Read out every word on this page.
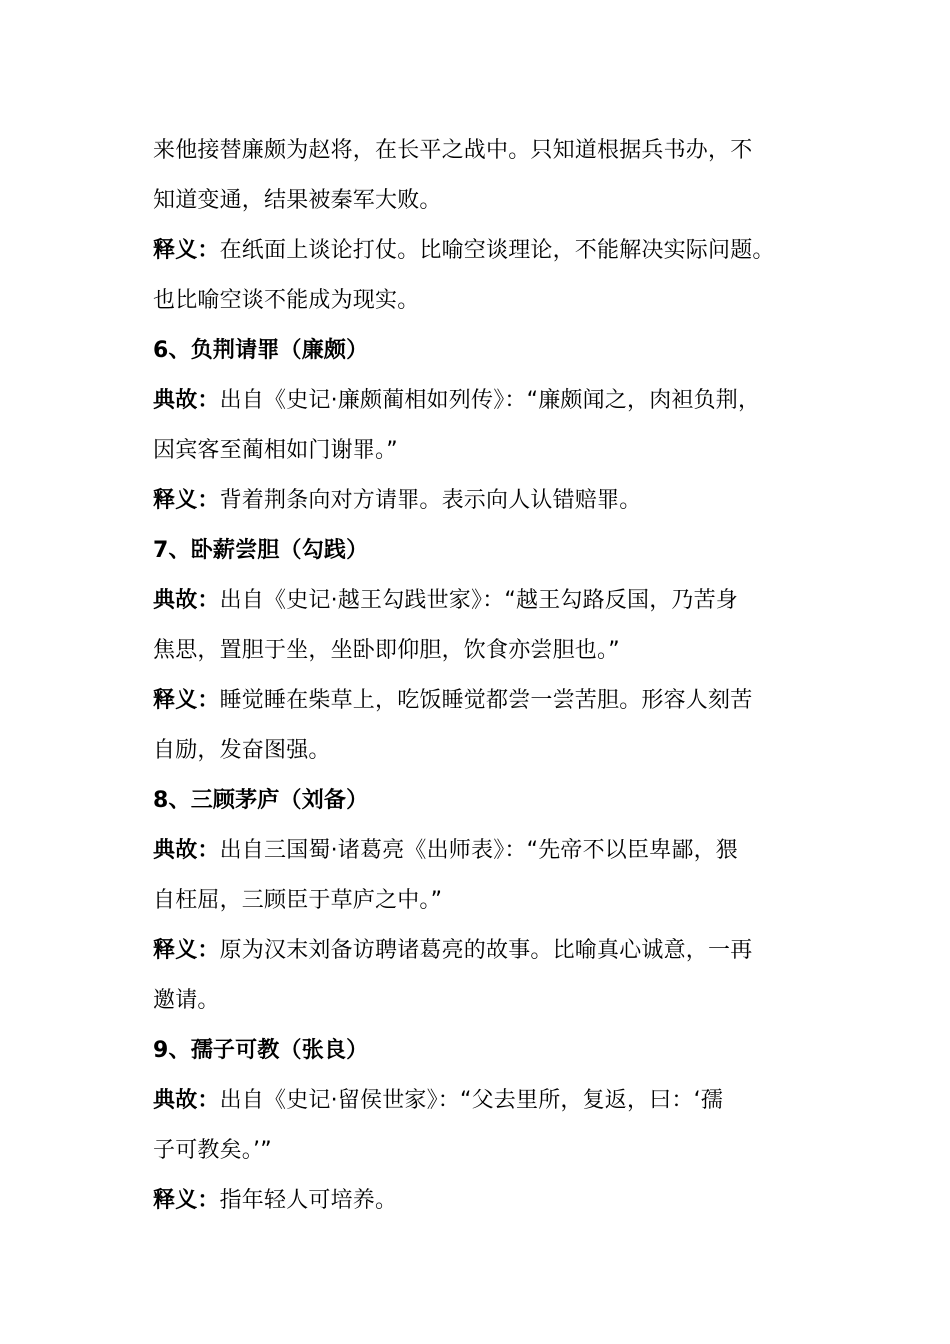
来他接替廉颇为赵将，在长平之战中。只知道根据兵书办，不
知道变通，结果被秦军大败。
释义：在纸面上谈论打仗。比喻空谈理论，不能解决实际问题。
也比喻空谈不能成为现实。
6、负荆请罪（廉颇）
典故：出自《史记·廉颇蔺相如列传》：“廉颇闻之，肉袒负荆，
因宾客至蔺相如门谢罪。”
释义：背着荆条向对方请罪。表示向人认错赔罪。
7、卧薪尝胆（勾践）
典故：出自《史记·越王勾践世家》：“越王勾路反国，乃苦身
焦思，置胆于坐，坐卧即仰胆，饮食亦尝胆也。”
释义：睡觉睡在柴草上，吃饭睡觉都尝一尝苦胆。形容人刻苦
自励，发奋图强。
8、三顾茅庐（刘备）
典故：出自三国蜀·诸葛亮《出师表》：“先帝不以臣卑鄙，猥
自枉屈，三顾臣于草庐之中。”
释义：原为汉末刘备访聘诸葛亮的故事。比喻真心诚意，一再
邀请。
9、孺子可教（张良）
典故：出自《史记·留侯世家》：“父去里所，复返，曰：‘孺
子可教矣。’”
释义：指年轻人可培养。
